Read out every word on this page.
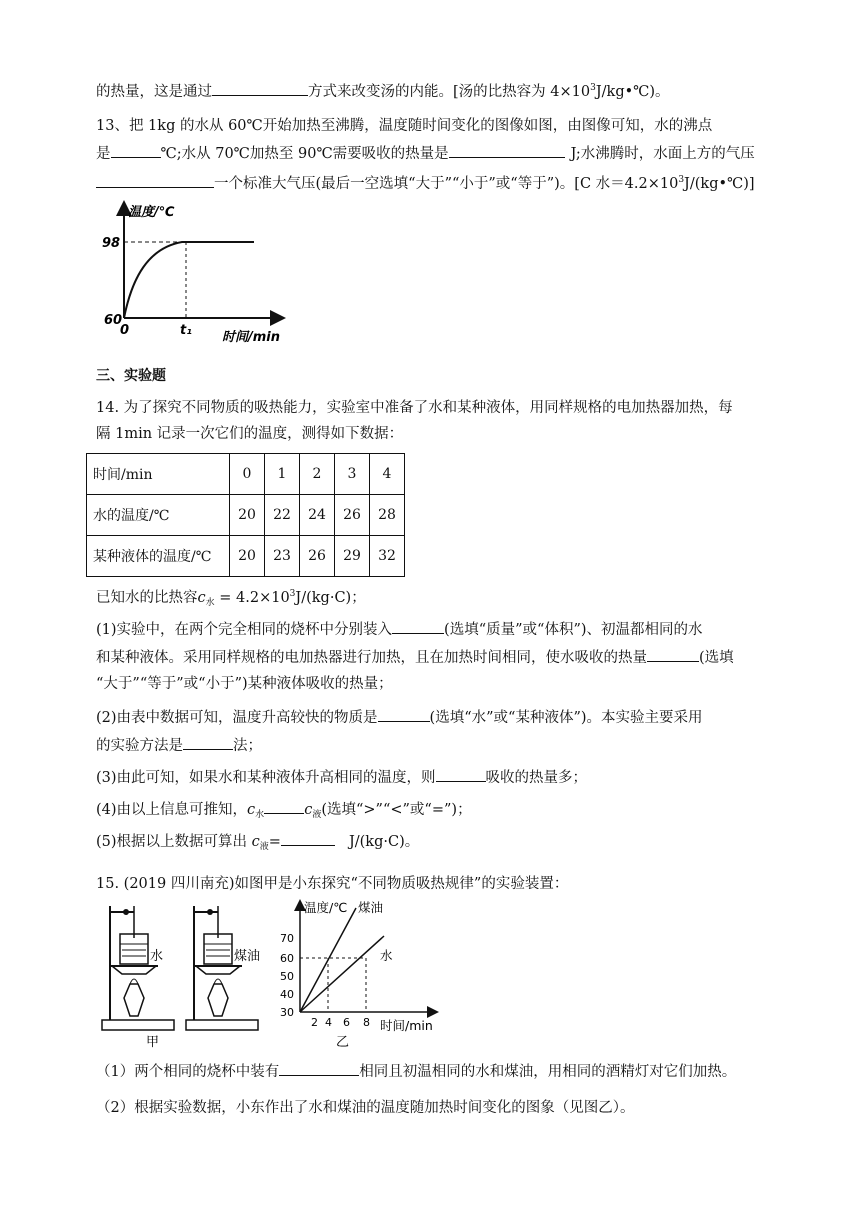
的热量，这是通过	方式来改变汤的内能。[汤的比热容为 $4\times 10^3J/kg•℃$)。
13、把 1kg 的水从 60℃开始加热至沸腾，温度随时间变化的图像如图，由图像可知，水的沸点
是	℃;水从 70℃加热至 90℃需要吸收的热量是	J;水沸腾时，水面上方的气压
一个标准大气压(最后一空选填“大于”“小于”或“等于”)。[C 水$=4.2\times 10^3J/(kg•℃)$]
温度/℃
98
60
0	t₁ 时间/min
三、实验题
14. 为了探究不同物质的吸热能力，实验室中准备了水和某种液体，用同样规格的电加热器加热，每
隔 1min 记录一次它们的温度，测得如下数据：
时间/min	0	1	2	3	4
水的温度/℃	20	22	24	26	28
某种液体的温度/℃	20	23	26	29	32
已知水的比热容$c_水 = 4.2\times 10^3J/(kg\cdot C)$；
(1)实验中，在两个完全相同的烧杯中分别装入	(选填“质量”或“体积”)、初温都相同的水
和某种液体。采用同样规格的电加热器进行加热，且在加热时间相同，使水吸收的热量	(选填
“大于”“等于”或“小于”)某种液体吸收的热量；
(2)由表中数据可知，温度升高较快的物质是	(选填“水”或“某种液体”)。本实验主要采用
的实验方法是	法；
(3)由此可知，如果水和某种液体升高相同的温度，则	吸收的热量多；
(4)由以上信息可推知，$c_水$	$c_液$(选填“>”“<”或“=”)；
(5)根据以上数据可算出 $c_液=$	J/(kg·C)。
15. (2019 四川南充)如图甲是小东探究“不同物质吸热规律”的实验装置：
水	煤油
甲
温度/℃
时间/min
30
40
50
60
70
2 4 6 8
煤油
水
乙
（1）两个相同的烧杯中装有	相同且初温相同的水和煤油，用相同的酒精灯对它们加热。
（2）根据实验数据，小东作出了水和煤油的温度随加热时间变化的图象（见图乙）。
